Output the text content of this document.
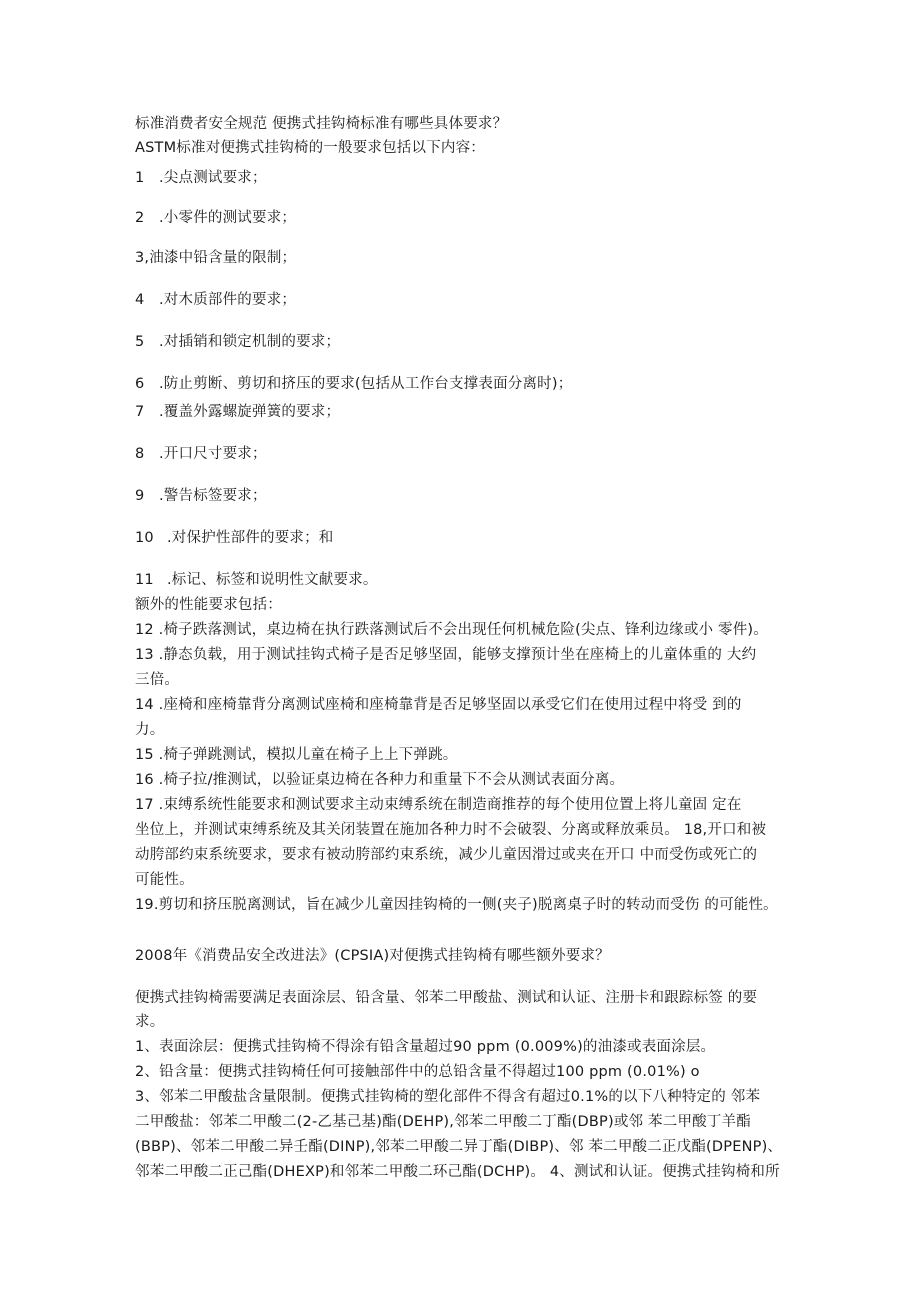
标准消费者安全规范 便携式挂钩椅标准有哪些具体要求？
ASTM标准对便携式挂钩椅的一般要求包括以下内容：
1 .尖点测试要求；
2 .小零件的测试要求；
3,油漆中铅含量的限制；
4 .对木质部件的要求；
5 .对插销和锁定机制的要求；
6 .防止剪断、剪切和挤压的要求(包括从工作台支撑表面分离时)；
7 .覆盖外露螺旋弹簧的要求；
8 .开口尺寸要求；
9 .警告标签要求；
10 .对保护性部件的要求；和
11 .标记、标签和说明性文献要求。
额外的性能要求包括：
12 .椅子跌落测试，桌边椅在执行跌落测试后不会出现任何机械危险(尖点、锋利边缘或小 零件)。
13 .静态负载，用于测试挂钩式椅子是否足够坚固，能够支撑预计坐在座椅上的儿童体重的 大约
三倍。
14 .座椅和座椅靠背分离测试座椅和座椅靠背是否足够坚固以承受它们在使用过程中将受 到的
力。
15 .椅子弹跳测试，模拟儿童在椅子上上下弹跳。
16 .椅子拉/推测试，以验证桌边椅在各种力和重量下不会从测试表面分离。
17 .束缚系统性能要求和测试要求主动束缚系统在制造商推荐的每个使用位置上将儿童固 定在
坐位上，并测试束缚系统及其关闭装置在施加各种力时不会破裂、分离或释放乘员。 18,开口和被
动胯部约束系统要求，要求有被动胯部约束系统，减少儿童因滑过或夹在开口 中而受伤或死亡的
可能性。
19.剪切和挤压脱离测试，旨在减少儿童因挂钩椅的一侧(夹子)脱离桌子时的转动而受伤 的可能性。
2008年《消费品安全改进法》(CPSIA)对便携式挂钩椅有哪些额外要求？
便携式挂钩椅需要满足表面涂层、铅含量、邻苯二甲酸盐、测试和认证、注册卡和跟踪标签 的要
求。
1、表面涂层：便携式挂钩椅不得涂有铅含量超过90 ppm (0.009%)的油漆或表面涂层。
2、铅含量：便携式挂钩椅任何可接触部件中的总铅含量不得超过100 ppm (0.01%) o
3、邻苯二甲酸盐含量限制。便携式挂钩椅的塑化部件不得含有超过0.1%的以下八种特定的 邻苯
二甲酸盐：邻苯二甲酸二(2-乙基己基)酯(DEHP),邻苯二甲酸二丁酯(DBP)或邻 苯二甲酸丁羊酯
(BBP)、邻苯二甲酸二异壬酯(DINP),邻苯二甲酸二异丁酯(DIBP)、邻 苯二甲酸二正戊酯(DPENP)、
邻苯二甲酸二正己酯(DHEXP)和邻苯二甲酸二环己酯(DCHP)。 4、测试和认证。便携式挂钩椅和所
